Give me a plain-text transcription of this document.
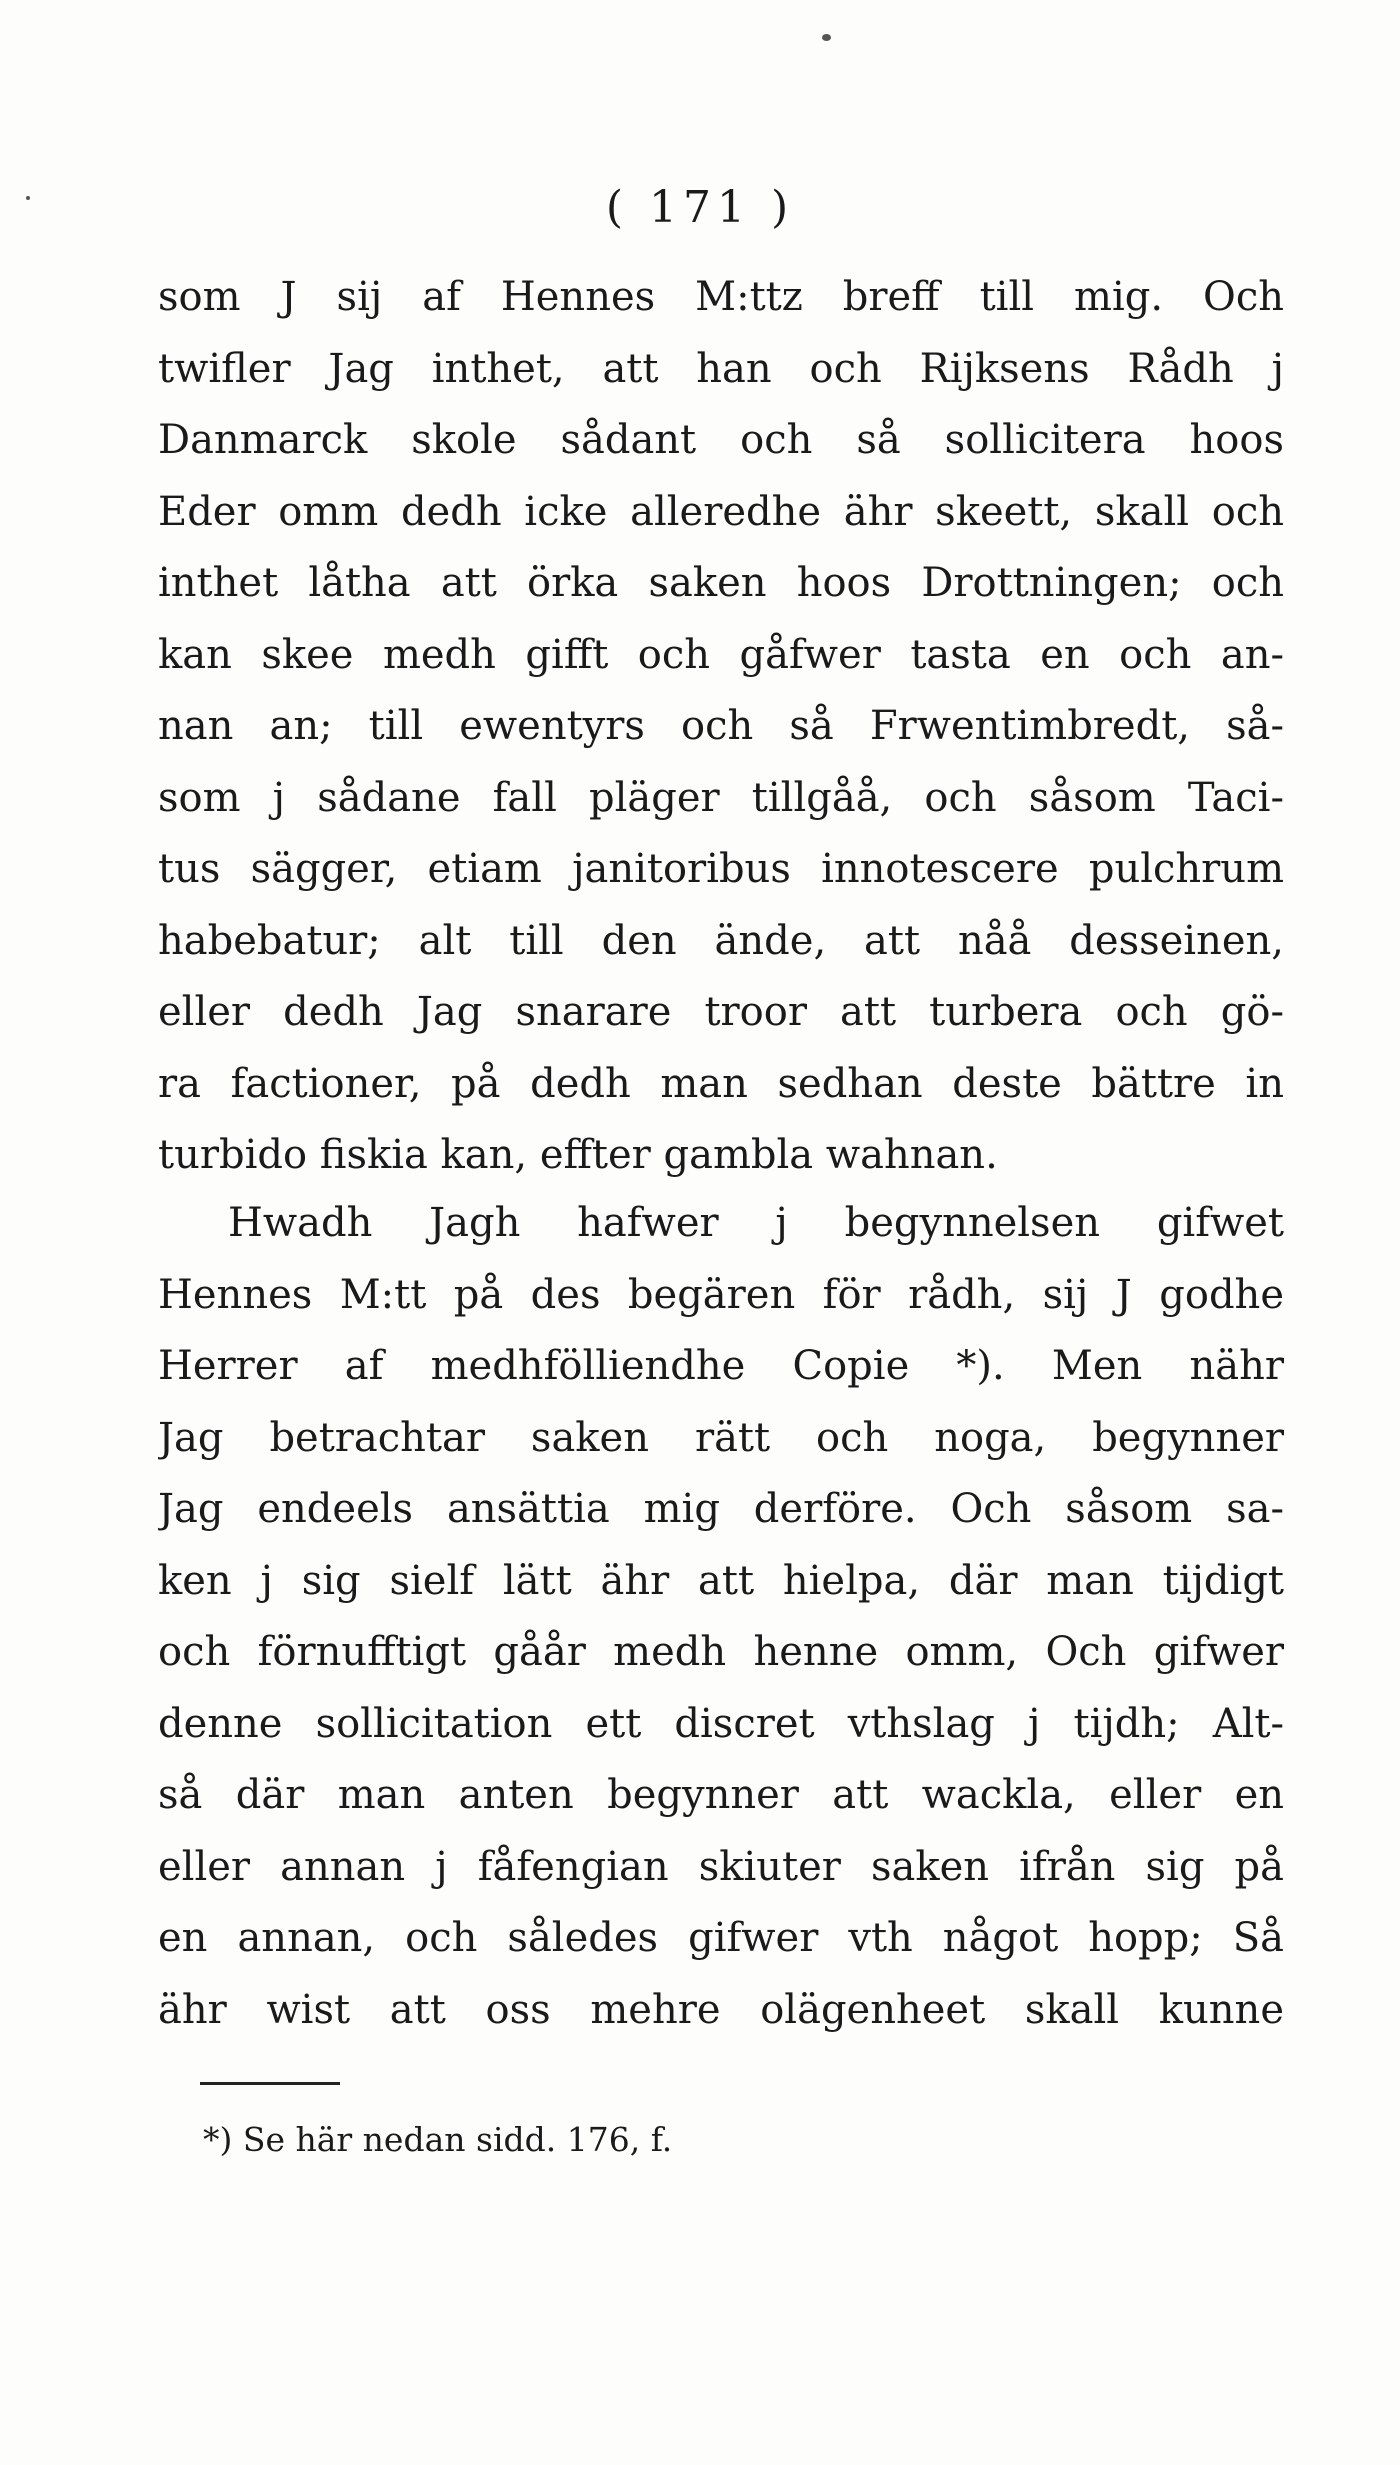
( 171 )
som J sij af Hennes M:ttz breff till mig. Och
twifler Jag inthet, att han och Rijksens Rådh j
Danmarck skole sådant och så sollicitera hoos
Eder omm dedh icke alleredhe ähr skeett, skall och
inthet låtha att örka saken hoos Drottningen; och
kan skee medh gifft och gåfwer tasta en och an-
nan an; till ewentyrs och så Frwentimbredt, så-
som j sådane fall pläger tillgåå, och såsom Taci-
tus sägger, etiam janitoribus innotescere pulchrum
habebatur; alt till den ände, att nåå desseinen,
eller dedh Jag snarare troor att turbera och gö-
ra factioner, på dedh man sedhan deste bättre in
turbido fiskia kan, effter gambla wahnan.
Hwadh Jagh hafwer j begynnelsen gifwet
Hennes M:tt på des begären för rådh, sij J godhe
Herrer af medhfölliendhe Copie *). Men nähr
Jag betrachtar saken rätt och noga, begynner
Jag endeels ansättia mig derföre. Och såsom sa-
ken j sig sielf lätt ähr att hielpa, där man tijdigt
och förnufftigt gåår medh henne omm, Och gifwer
denne sollicitation ett discret vthslag j tijdh; Alt-
så där man anten begynner att wackla, eller en
eller annan j fåfengian skiuter saken ifrån sig på
en annan, och således gifwer vth något hopp; Så
ähr wist att oss mehre olägenheet skall kunne
*) Se här nedan sidd. 176, f.
